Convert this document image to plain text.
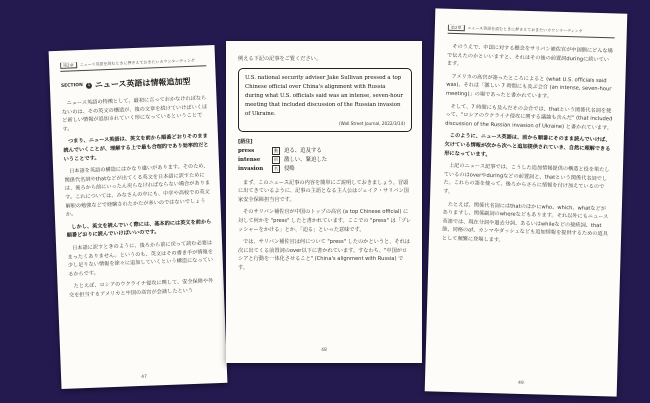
第2章 ニュース英語を読むときに押さえておきたいカウンターディング
SECTION 1 ニュース英語は情報追加型

ニュース英語の特徴として、最初に言っておかなければならないのは、その英文の構造が、後の文章を続けていけばいくほど新しい情報が追加されていく形になっているということです。

つまり、ニュース英語は、英文を前から順番どおりそのまま読んでいくことが、理解する上で最も合理的であり効率的だということです。

日本語を英語の構造にはかなり違いがあります。そのため、関係代名詞やthatなどが出てくる英文を日本語に訳すためには、後ろから前にいったん戻らなければならない場合があります。これについては、みなさんの中にも、中学や高校での英文解釈の勉強などで経験されたかたが多いのではないでしょうか。

しかし、英文を読んでいく際には、基本的には英文を前から順番どおりに読んでいけばいいのです。

日本語に訳すときのように、後ろから前に戻って読む必要はまったくありません。というのも、英文はその書き手が情報を少し足りない情報を徐々に追加していくという構造になっているからです。

たとえば、ロシアのウクライナ侵攻に関して、安全保障や外交を担当するアメリカと中国の高官が会談したという

47

例える下記の記事をご覧ください。

U.S. national security adviser Jake Sullivan pressed a top Chinese official over China's alignment with Russia during what U.S. officials said was an intense, seven-hour meeting that included discussion of the Russian invasion of Ukraine.

(Wall Street Journal, 2022/3/14)
[語注]
press	動	迫る、追及する
intense	形	激しい、緊迫した
invasion	名	侵略

まず、このニュース記事の内容を簡単にご説明しておきましょう。冒頭に出てきているように、記事の主語となる主人公はジェイク・サリバン国家安全保障担当官です。

そのサリバン補佐官が中国のトップの高官 (a top Chinese official) に対して何かを "press" したと書かれています。ここでの "press" は「プレッシャーをかける」とか、「迫る」といった意味です。

では、サリバン補佐官は何について "press" したのかというと、それは次に出てくる前置詞のover以下に書かれています。すなわち、"中国がロシアと行動を一体化させること" (China's alignment with Russia) です。

48
第2章 ニュース英語を読むときに押さえておきたいカウンターディング

そのうえで、中国に対する懸念をサリバン補佐官が中国側にどんな場で伝えたのかといいますと、それはその後の前置詞duringに続いています。

アメリカの高官が語ったところによると (what U.S. officials said was)、それは「激しい 7 時間にも及ぶ会合 (an intense, seven-hour meeting)」の場であったと書かれています。

そして、7 時間にも及んだその会合では、thatという関係代名詞を使って、"ロシアのウクライナ侵攻に関する議論も含んだ" (that included discussion of the Russian invasion of Ukraine) と書かれています。

このように、ニュース英語は、前から順番にそのまま読んでいけば、欠けている情報が次から次へと追加提供されていき、自然に理解できる形になっています。

上記のニュース記事では、こうした追加情報提供の構造と役を果たしているのはoverやduringなどの前置詞と、thatという関係代名詞でした。これらの語を使って、後ろからさらに情報を付け加えているのです。

たとえば、関係代名詞にはthatのほかにwho、which、whatなどがありますし、関係副詞のwhereなどもあります。それ以外にもニュース英語では、現在分詞や過去分詞、あるいはwhileなどの接続詞、that節、同格のof、カンマやダッシュなども追加情報を提供するための道具として頻繁に登場します。

49
